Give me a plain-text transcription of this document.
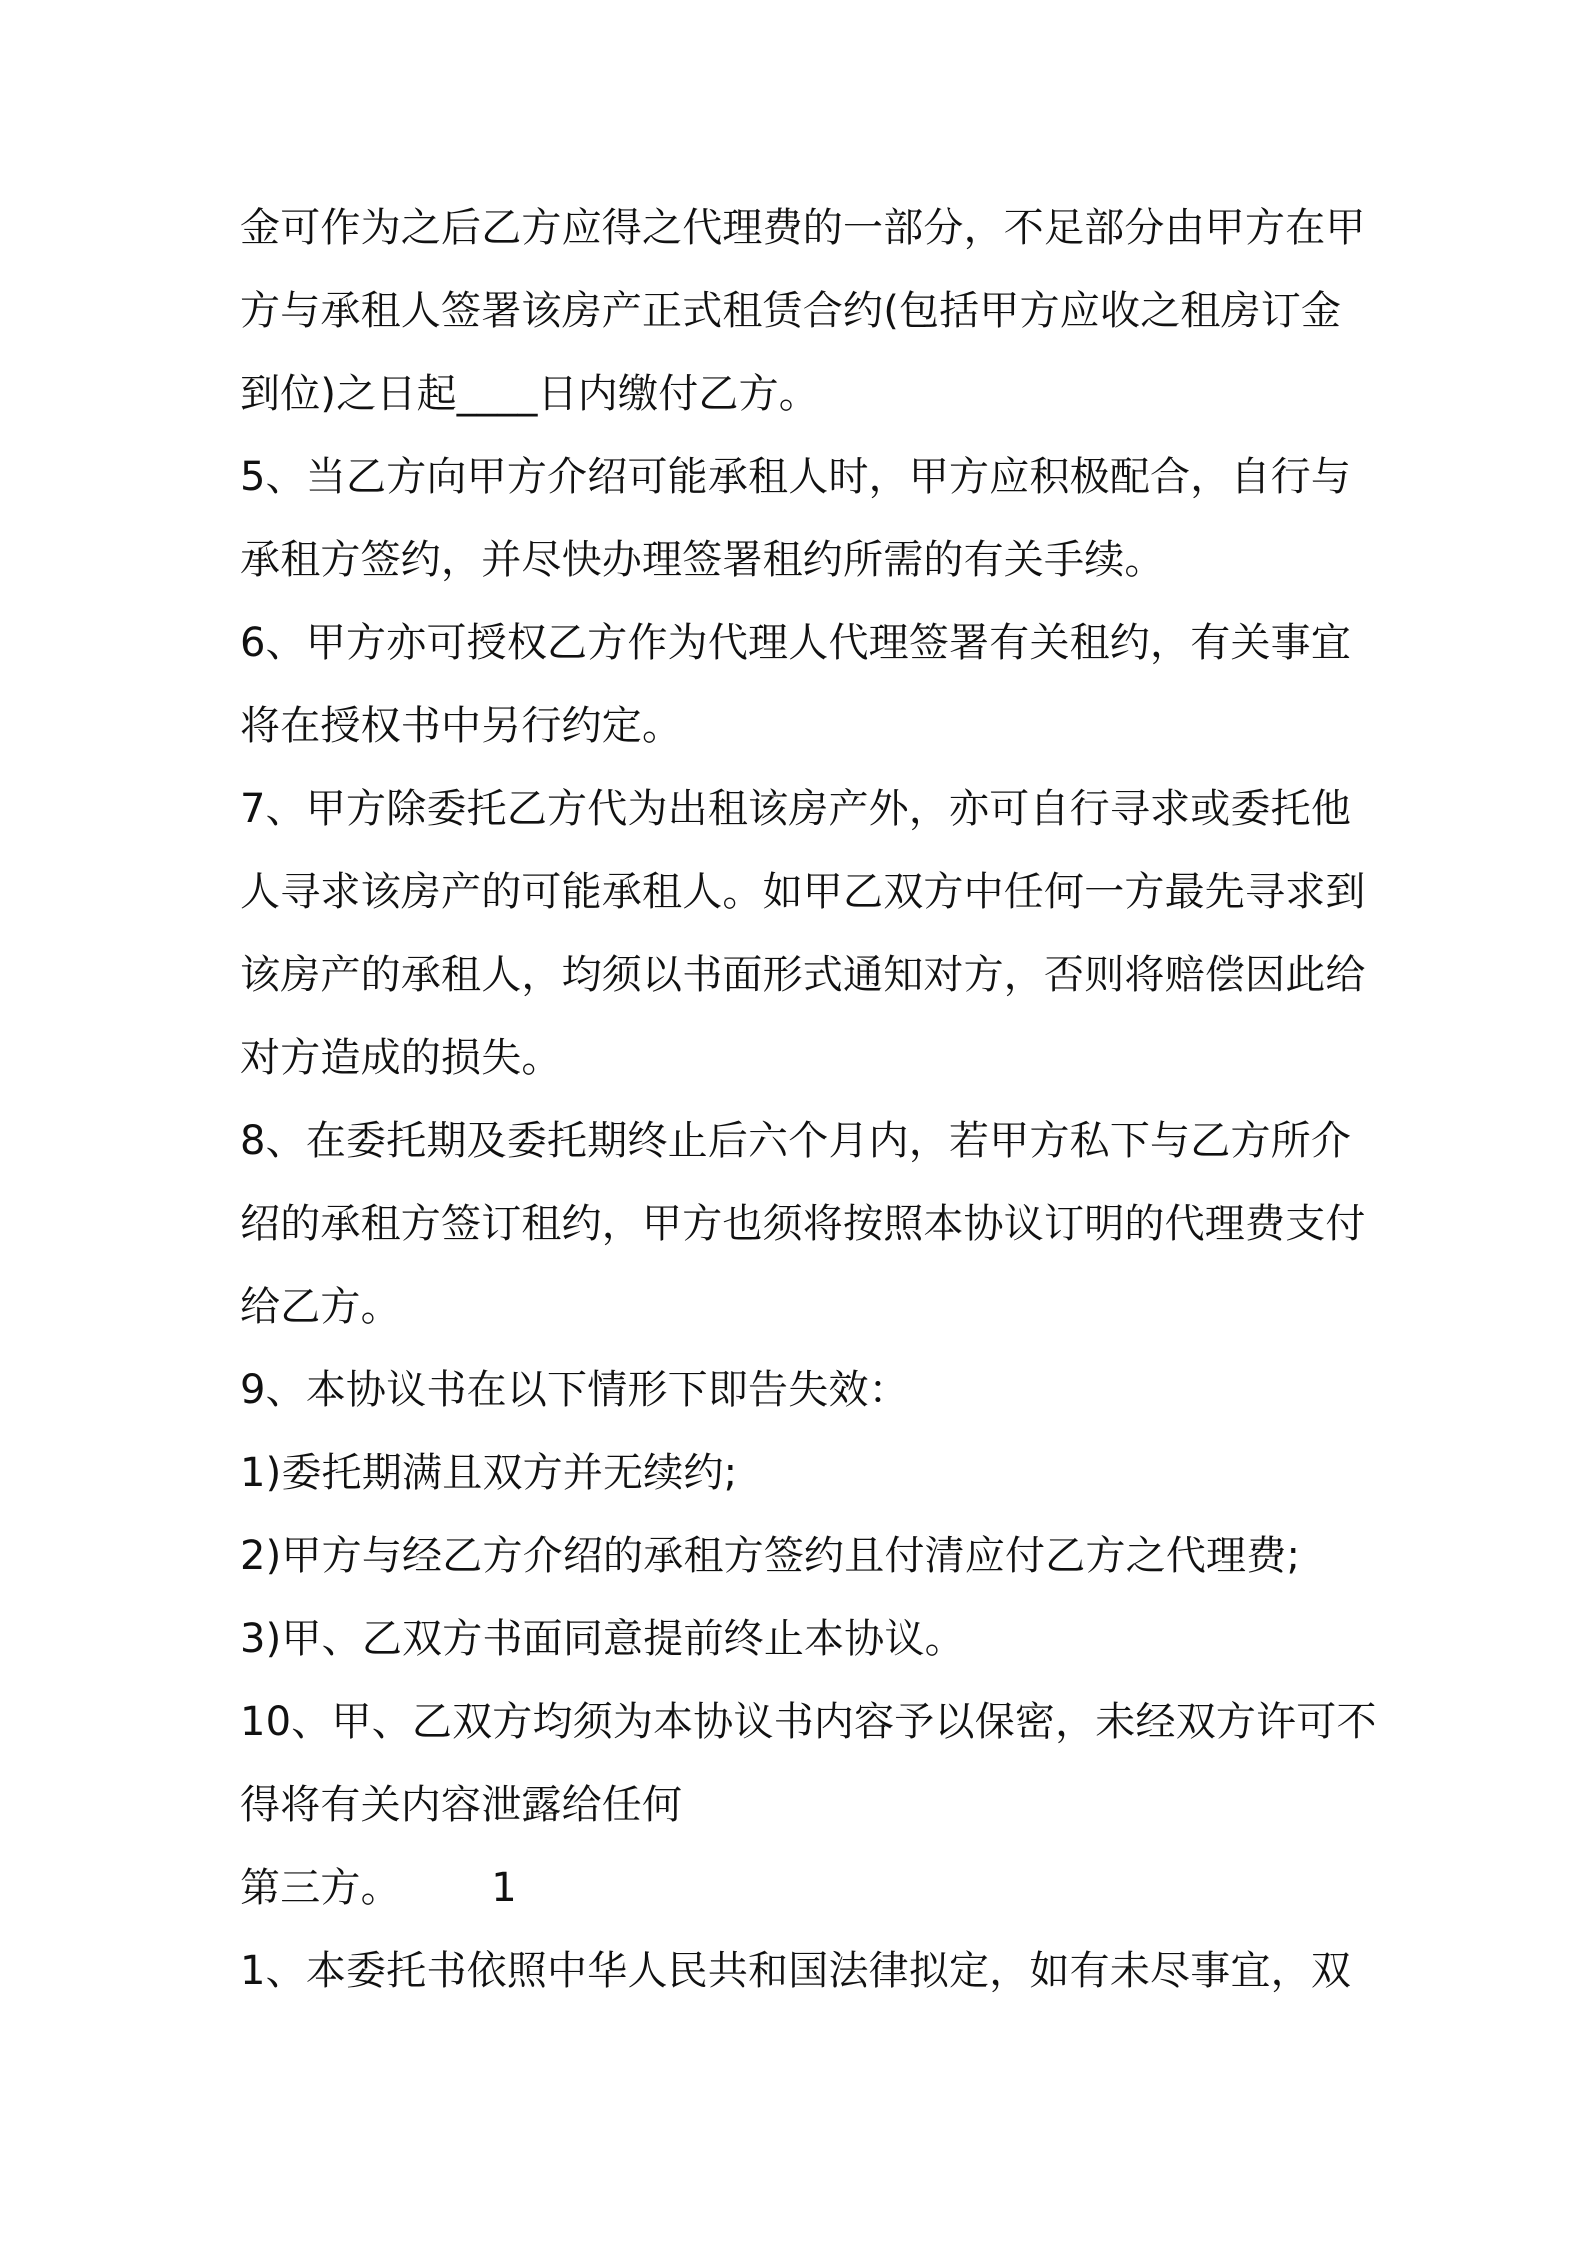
金可作为之后乙方应得之代理费的一部分，不足部分由甲方在甲
方与承租人签署该房产正式租赁合约(包括甲方应收之租房订金
到位)之日起____日内缴付乙方。
5、当乙方向甲方介绍可能承租人时，甲方应积极配合，自行与
承租方签约，并尽快办理签署租约所需的有关手续。
6、甲方亦可授权乙方作为代理人代理签署有关租约，有关事宜
将在授权书中另行约定。
7、甲方除委托乙方代为出租该房产外，亦可自行寻求或委托他
人寻求该房产的可能承租人。如甲乙双方中任何一方最先寻求到
该房产的承租人，均须以书面形式通知对方，否则将赔偿因此给
对方造成的损失。
8、在委托期及委托期终止后六个月内，若甲方私下与乙方所介
绍的承租方签订租约，甲方也须将按照本协议订明的代理费支付
给乙方。
9、本协议书在以下情形下即告失效：
1)委托期满且双方并无续约;
2)甲方与经乙方介绍的承租方签约且付清应付乙方之代理费;
3)甲、乙双方书面同意提前终止本协议。
10、甲、乙双方均须为本协议书内容予以保密，未经双方许可不
得将有关内容泄露给任何
第三方。       1
1、本委托书依照中华人民共和国法律拟定，如有未尽事宜，双
